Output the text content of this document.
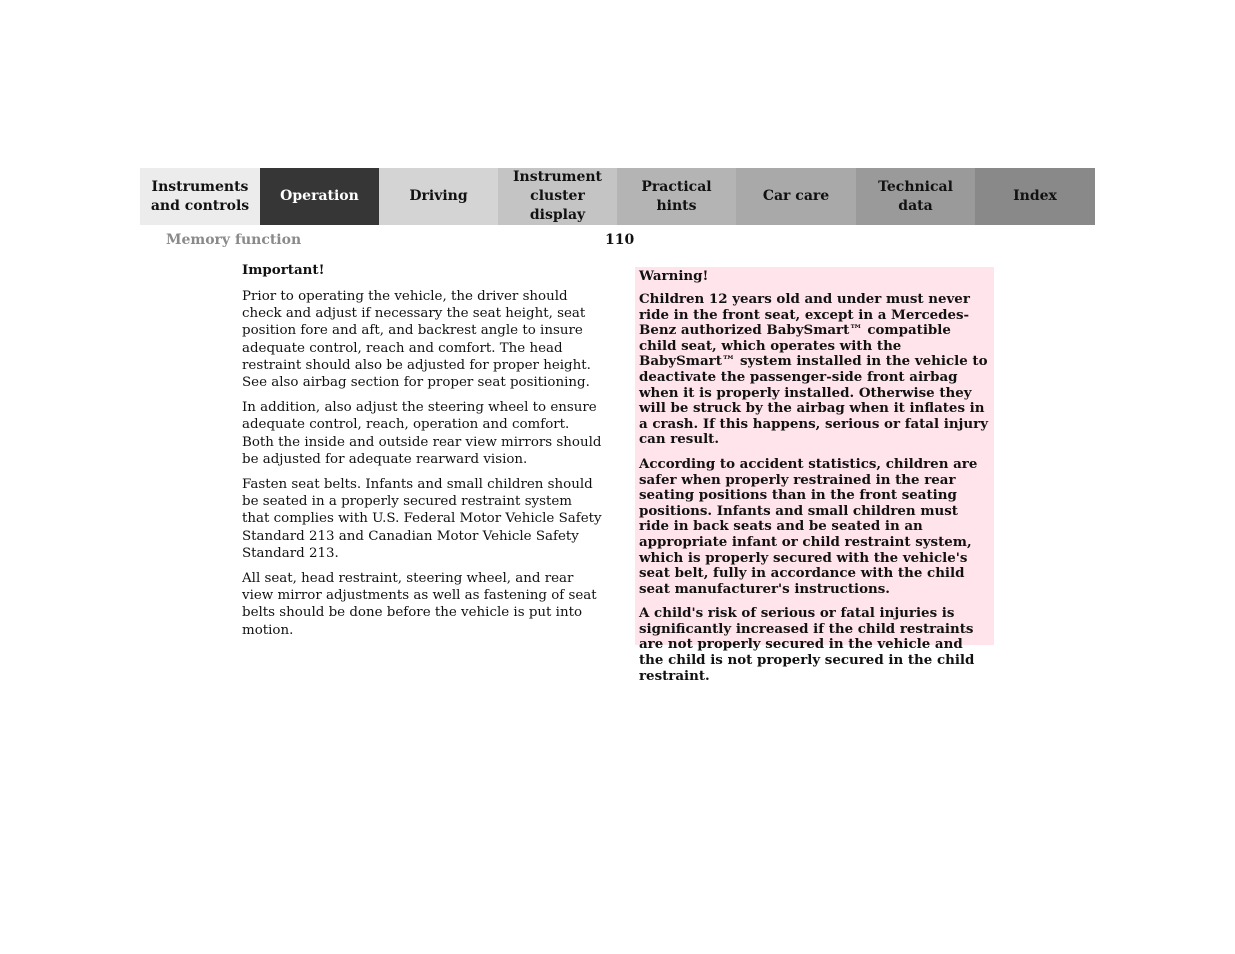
Instruments
and controls
Operation	Driving
Instrument
cluster display
Practical hints
Car care
Technical
data
Index
Memory function	110
Important!

Prior to operating the vehicle, the driver should check and adjust if necessary the seat height, seat position fore and aft, and backrest angle to insure adequate control, reach and comfort. The head restraint should also be adjusted for proper height. See also airbag section for proper seat positioning.

In addition, also adjust the steering wheel to ensure adequate control, reach, operation and comfort. Both the inside and outside rear view mirrors should be adjusted for adequate rearward vision.

Fasten seat belts. Infants and small children should be seated in a properly secured restraint system that complies with U.S. Federal Motor Vehicle Safety Standard 213 and Canadian Motor Vehicle Safety Standard 213.

All seat, head restraint, steering wheel, and rear view mirror adjustments as well as fastening of seat belts should be done before the vehicle is put into motion.

Warning!

Children 12 years old and under must never ride in the front seat, except in a Mercedes-Benz authorized BabySmart™ compatible child seat, which operates with the BabySmart™ system installed in the vehicle to deactivate the passenger-side front airbag when it is properly installed. Otherwise they will be struck by the airbag when it inflates in a crash. If this happens, serious or fatal injury can result.

According to accident statistics, children are safer when properly restrained in the rear seating positions than in the front seating positions. Infants and small children must ride in back seats and be seated in an appropriate infant or child restraint system, which is properly secured with the vehicle's seat belt, fully in accordance with the child seat manufacturer's instructions.

A child's risk of serious or fatal injuries is significantly increased if the child restraints are not properly secured in the vehicle and the child is not properly secured in the child restraint.
